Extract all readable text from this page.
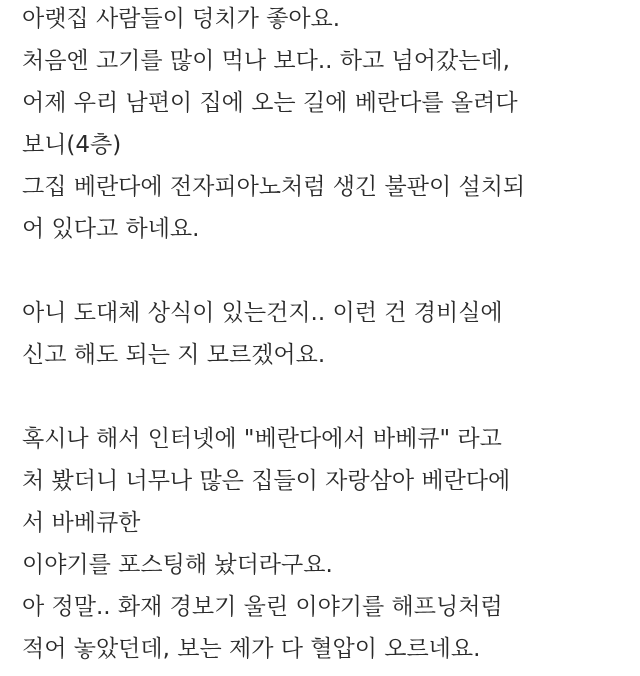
아랫집 사람들이 덩치가 좋아요.
처음엔 고기를 많이 먹나 보다.. 하고 넘어갔는데,
어제 우리 남편이 집에 오는 길에 베란다를 올려다
보니(4층)
그집 베란다에 전자피아노처럼 생긴 불판이 설치되
어 있다고 하네요.
아니 도대체 상식이 있는건지.. 이런 건 경비실에
신고 해도 되는 지 모르겠어요.
혹시나 해서 인터넷에 "베란다에서 바베큐" 라고
처 봤더니 너무나 많은 집들이 자랑삼아 베란다에
서 바베큐한
이야기를 포스팅해 놨더라구요.
아 정말.. 화재 경보기 울린 이야기를 해프닝처럼
적어 놓았던데, 보는 제가 다 혈압이 오르네요.
